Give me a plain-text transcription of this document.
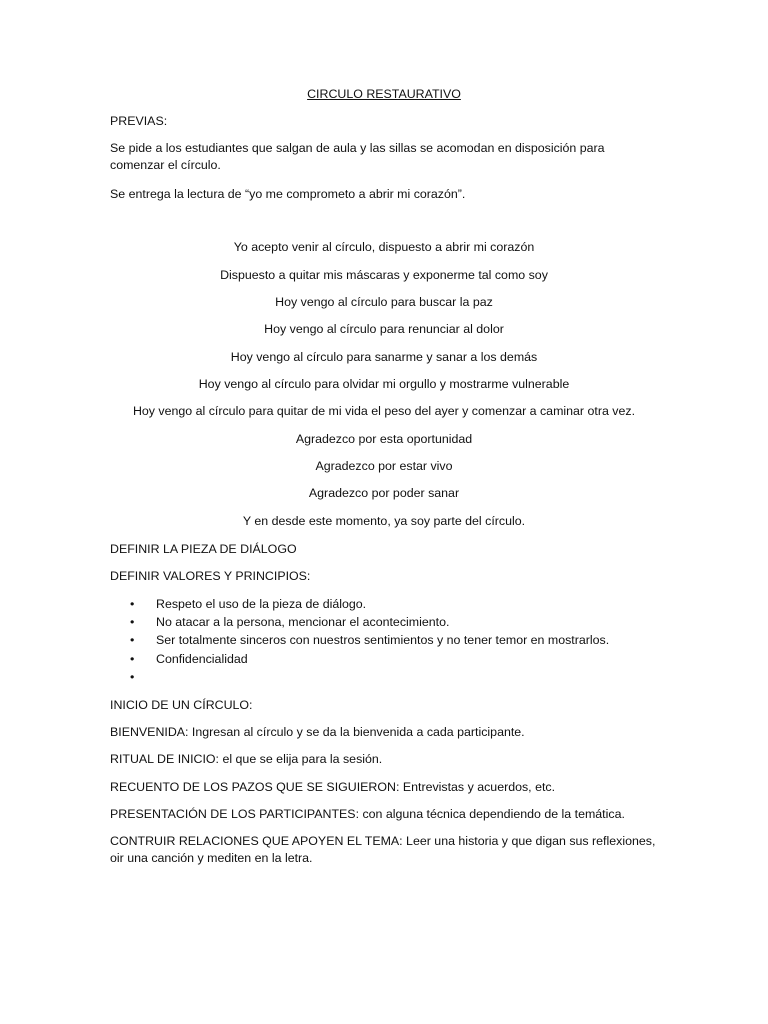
CIRCULO RESTAURATIVO
PREVIAS:
Se pide a los estudiantes que salgan de aula y las sillas se acomodan en disposición para
comenzar el círculo.
Se entrega la lectura de “yo me comprometo a abrir mi corazón”.
Yo acepto venir al círculo, dispuesto a abrir mi corazón
Dispuesto a quitar mis máscaras y exponerme tal como soy
Hoy vengo al círculo para buscar la paz
Hoy vengo al círculo para renunciar al dolor
Hoy vengo al círculo para sanarme y sanar a los demás
Hoy vengo al círculo para olvidar mi orgullo y mostrarme vulnerable
Hoy vengo al círculo para quitar de mi vida el peso del ayer y comenzar a caminar otra vez.
Agradezco por esta oportunidad
Agradezco por estar vivo
Agradezco por poder sanar
Y en desde este momento, ya soy parte del círculo.
DEFINIR LA PIEZA DE DIÁLOGO
DEFINIR VALORES Y PRINCIPIOS:
• Respeto el uso de la pieza de diálogo.
• No atacar a la persona, mencionar el acontecimiento.
• Ser totalmente sinceros con nuestros sentimientos y no tener temor en mostrarlos.
• Confidencialidad
•
INICIO DE UN CÍRCULO:
BIENVENIDA: Ingresan al círculo y se da la bienvenida a cada participante.
RITUAL DE INICIO: el que se elija para la sesión.
RECUENTO DE LOS PAZOS QUE SE SIGUIERON: Entrevistas y acuerdos, etc.
PRESENTACIÓN DE LOS PARTICIPANTES: con alguna técnica dependiendo de la temática.
CONTRUIR RELACIONES QUE APOYEN EL TEMA: Leer una historia y que digan sus reflexiones,
oir una canción y mediten en la letra.
